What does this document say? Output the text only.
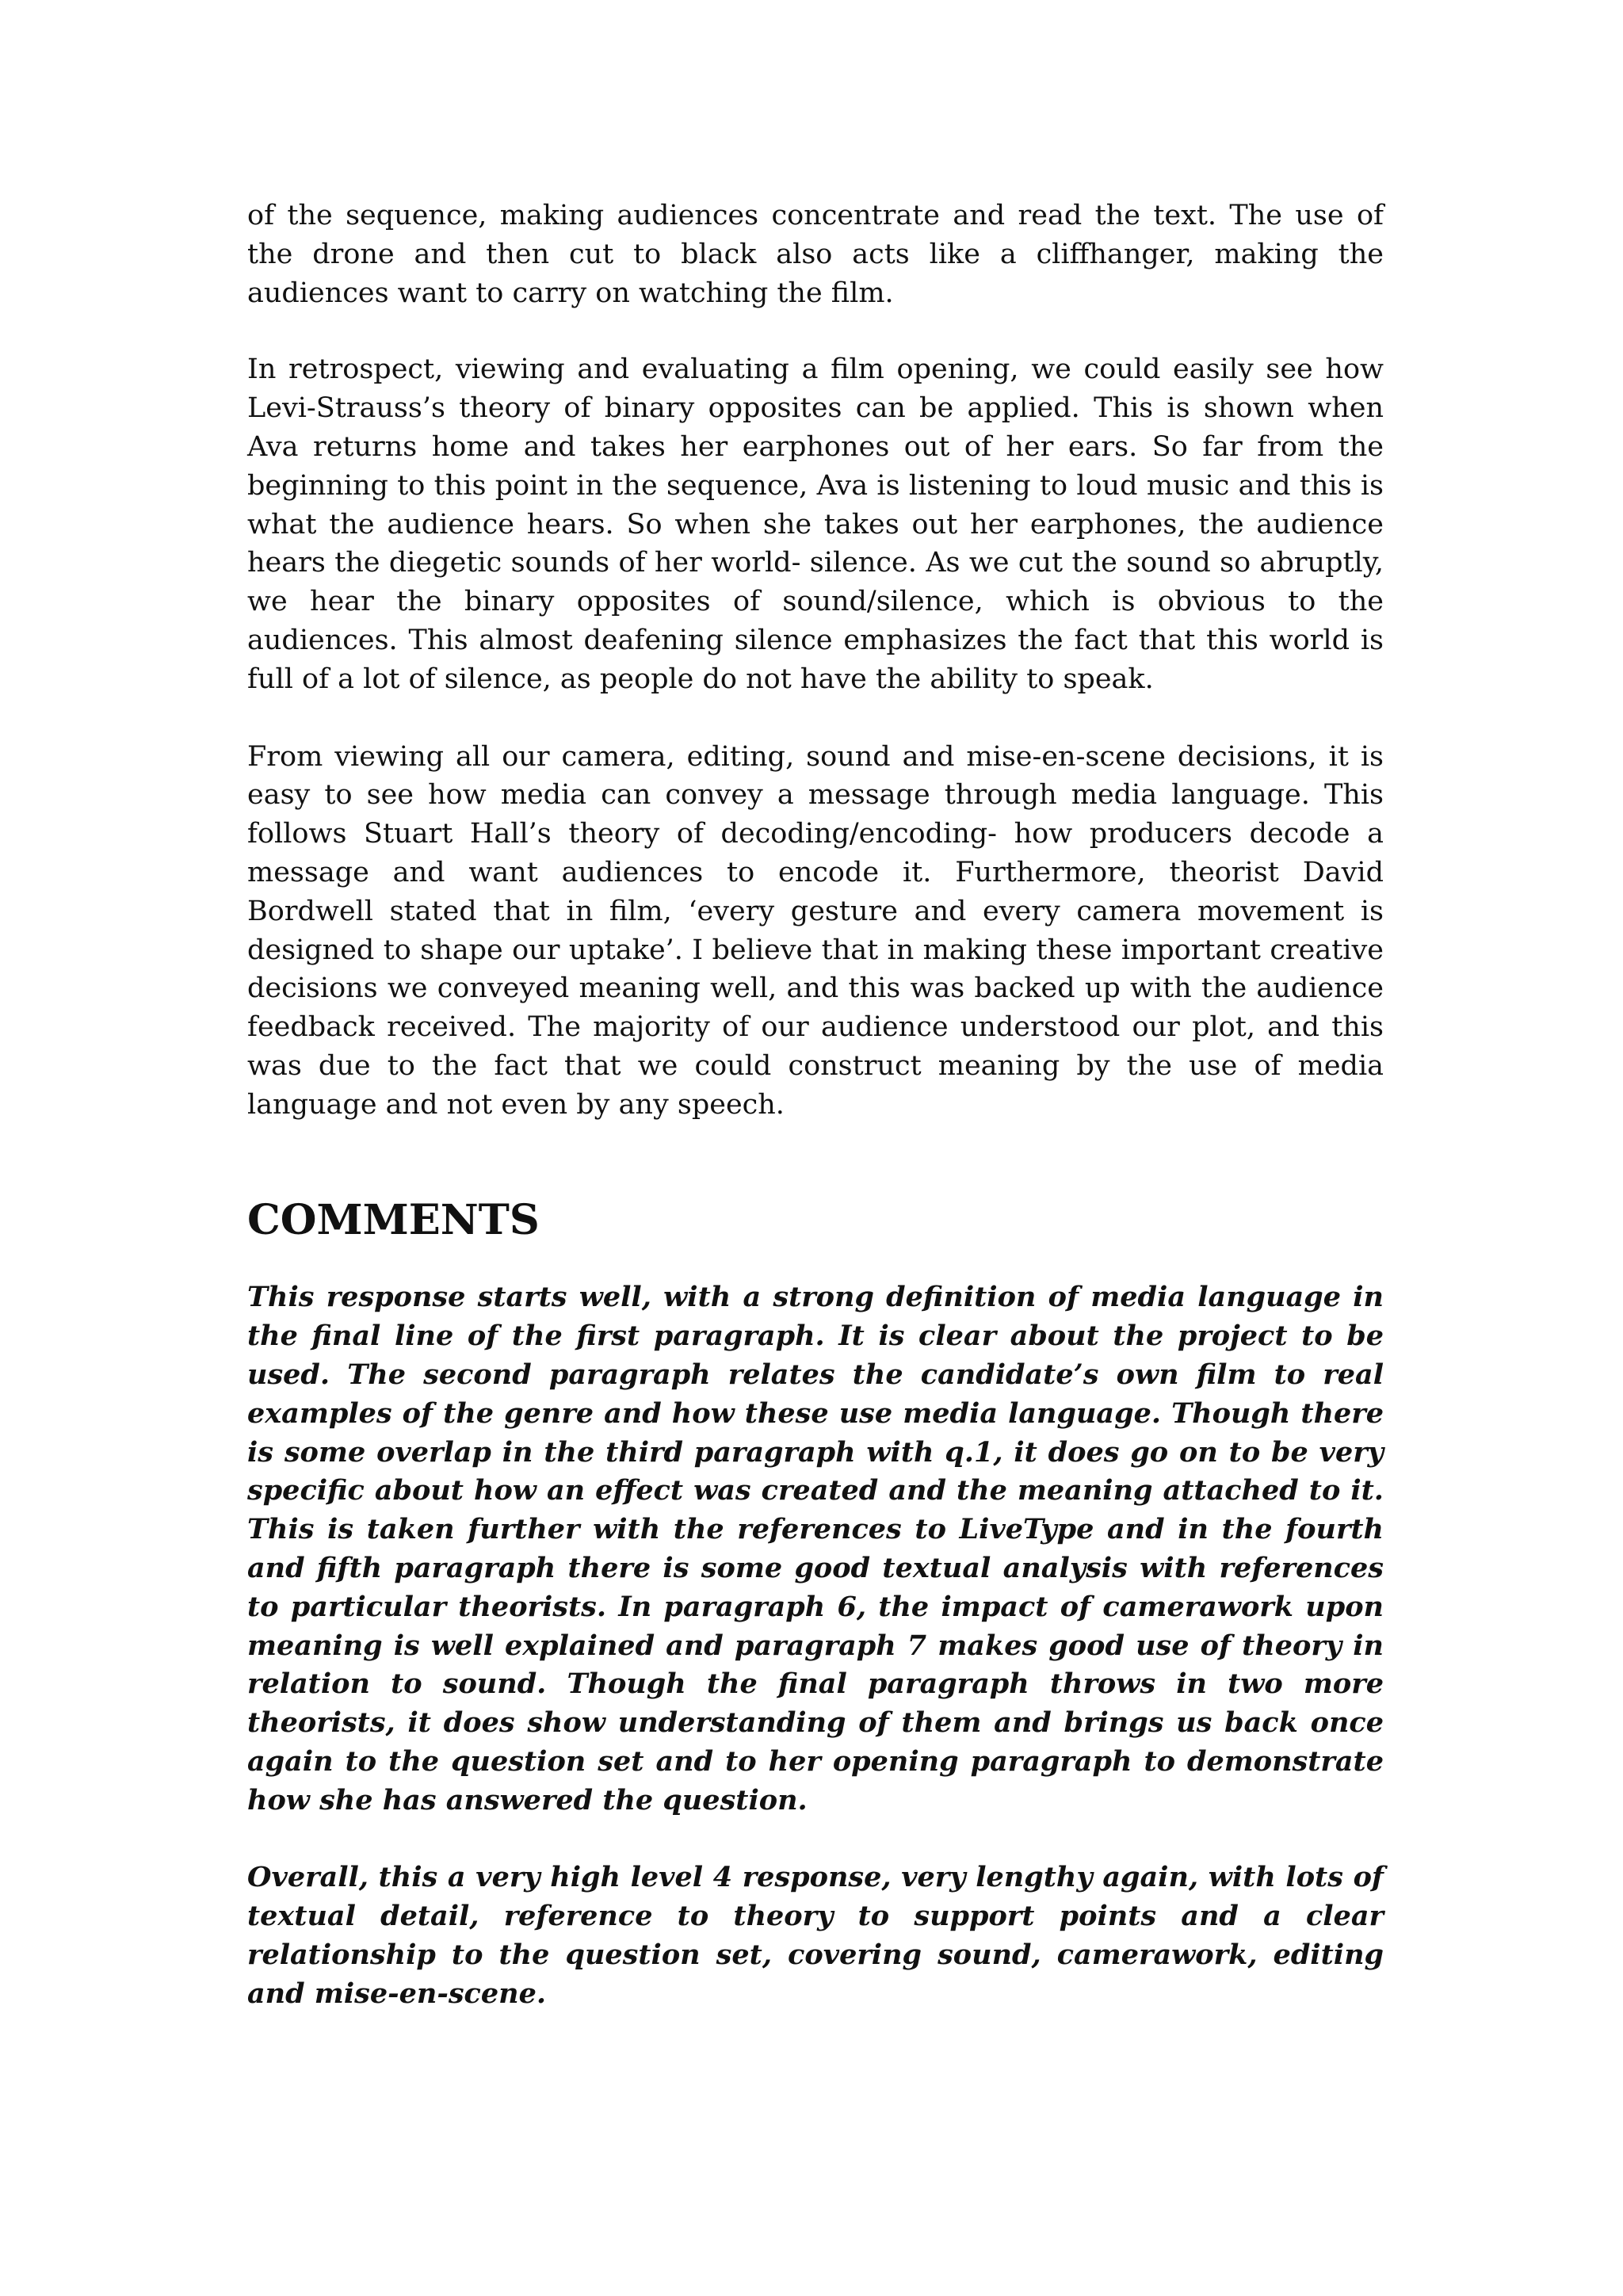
of the sequence, making audiences concentrate and read the text. The use of the drone and then cut to black also acts like a cliffhanger, making the audiences want to carry on watching the film.

In retrospect, viewing and evaluating a film opening, we could easily see how Levi-Strauss’s theory of binary opposites can be applied. This is shown when Ava returns home and takes her earphones out of her ears. So far from the beginning to this point in the sequence, Ava is listening to loud music and this is what the audience hears. So when she takes out her earphones, the audience hears the diegetic sounds of her world- silence. As we cut the sound so abruptly, we hear the binary opposites of sound/silence, which is obvious to the audiences. This almost deafening silence emphasizes the fact that this world is full of a lot of silence, as people do not have the ability to speak.

From viewing all our camera, editing, sound and mise-en-scene decisions, it is easy to see how media can convey a message through media language. This follows Stuart Hall’s theory of decoding/encoding- how producers decode a message and want audiences to encode it. Furthermore, theorist David Bordwell stated that in film, ‘every gesture and every camera movement is designed to shape our uptake’. I believe that in making these important creative decisions we conveyed meaning well, and this was backed up with the audience feedback received. The majority of our audience understood our plot, and this was due to the fact that we could construct meaning by the use of media language and not even by any speech.

COMMENTS

This response starts well, with a strong definition of media language in the final line of the first paragraph. It is clear about the project to be used. The second paragraph relates the candidate’s own film to real examples of the genre and how these use media language. Though there is some overlap in the third paragraph with q.1, it does go on to be very specific about how an effect was created and the meaning attached to it. This is taken further with the references to LiveType and in the fourth and fifth paragraph there is some good textual analysis with references to particular theorists. In paragraph 6, the impact of camerawork upon meaning is well explained and paragraph 7 makes good use of theory in relation to sound. Though the final paragraph throws in two more theorists, it does show understanding of them and brings us back once again to the question set and to her opening paragraph to demonstrate how she has answered the question.

Overall, this a very high level 4 response, very lengthy again, with lots of textual detail, reference to theory to support points and a clear relationship to the question set, covering sound, camerawork, editing and mise-en-scene.
